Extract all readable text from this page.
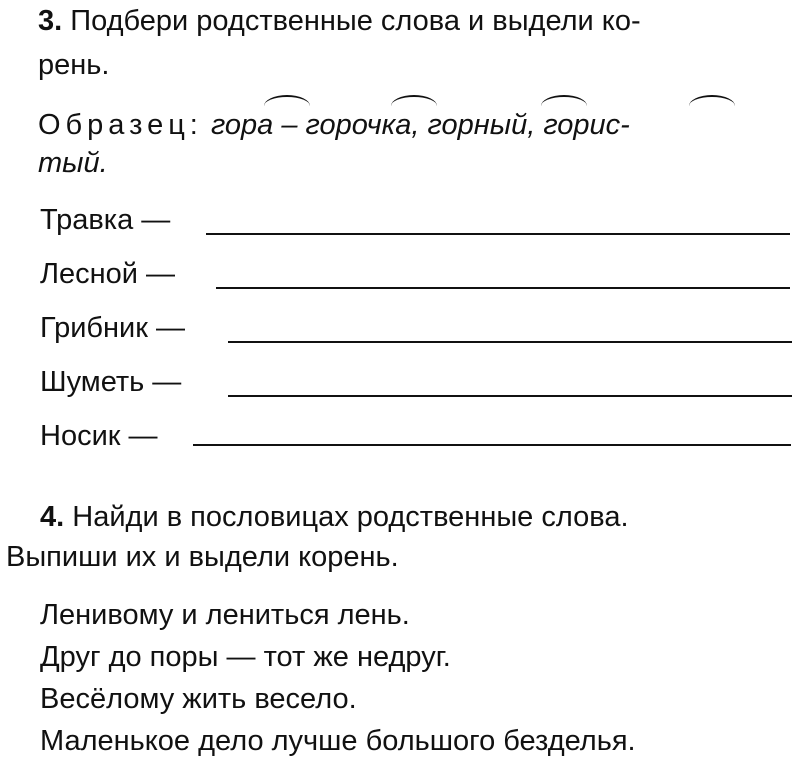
3. Подбери родственные слова и выдели ко-
рень.
Образец: гора – горочка, горный, горис-
тый.
Травка —
Лесной —
Грибник —
Шуметь —
Носик —
4. Найди в пословицах родственные слова.
Выпиши их и выдели корень.
Ленивому и лениться лень.
Друг до поры — тот же недруг.
Весёлому жить весело.
Маленькое дело лучше большого безделья.
